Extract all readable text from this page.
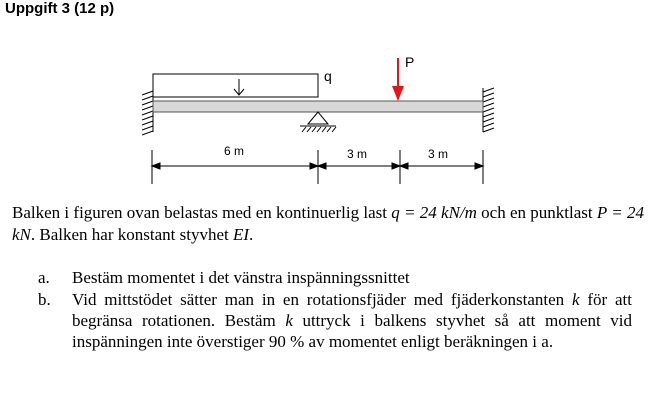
Uppgift 3 (12 p)
q
P
6 m	3 m	3 m
Balken i figuren ovan belastas med en kontinuerlig last q = 24 kN/m och en punktlast P = 24 kN. Balken har konstant styvhet EI.
a. Bestäm momentet i det vänstra inspänningssnittet
b. Vid mittstödet sätter man in en rotationsfjäder med fjäderkonstanten k för att begränsa rotationen. Bestäm k uttryck i balkens styvhet så att moment vid inspänningen inte överstiger 90 % av momentet enligt beräkningen i a.
